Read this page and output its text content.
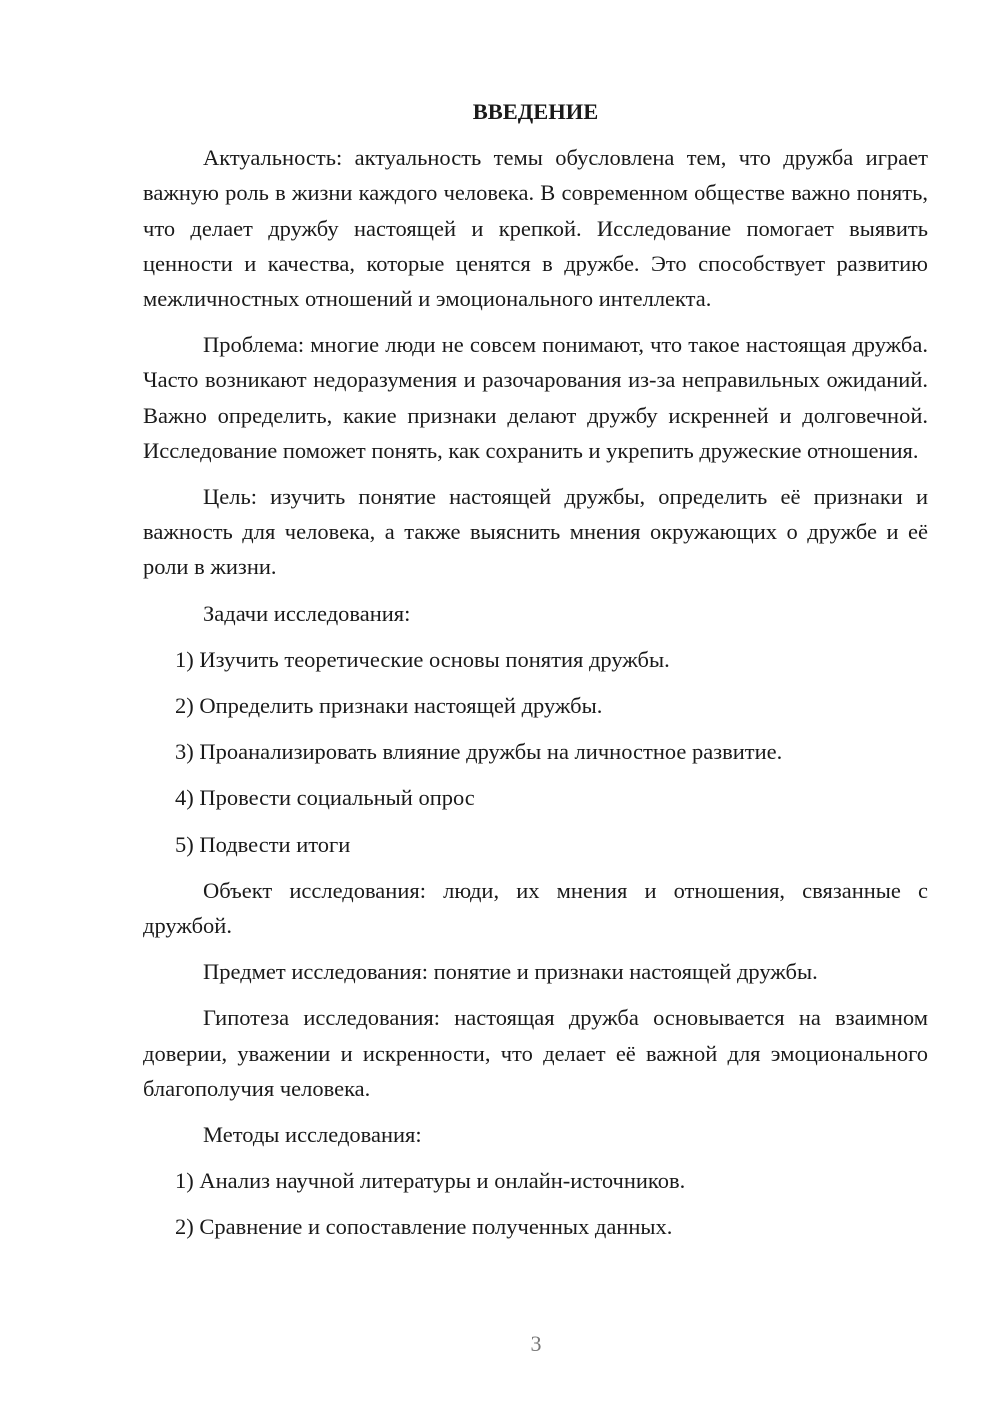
ВВЕДЕНИЕ

Актуальность: актуальность темы обусловлена тем, что дружба играет важную роль в жизни каждого человека. В современном обществе важно понять, что делает дружбу настоящей и крепкой. Исследование помогает выявить ценности и качества, которые ценятся в дружбе. Это способствует развитию межличностных отношений и эмоционального интеллекта.

Проблема: многие люди не совсем понимают, что такое настоящая дружба. Часто возникают недоразумения и разочарования из-за неправильных ожиданий. Важно определить, какие признаки делают дружбу искренней и долговечной. Исследование поможет понять, как сохранить и укрепить дружеские отношения.

Цель: изучить понятие настоящей дружбы, определить её признаки и важность для человека, а также выяснить мнения окружающих о дружбе и её роли в жизни.

Задачи исследования:

1) Изучить теоретические основы понятия дружбы.

2) Определить признаки настоящей дружбы.

3) Проанализировать влияние дружбы на личностное развитие.

4) Провести социальный опрос

5) Подвести итоги

Объект исследования: люди, их мнения и отношения, связанные с дружбой.

Предмет исследования: понятие и признаки настоящей дружбы.

Гипотеза исследования: настоящая дружба основывается на взаимном доверии, уважении и искренности, что делает её важной для эмоционального благополучия человека.

Методы исследования:

1) Анализ научной литературы и онлайн-источников.

2) Сравнение и сопоставление полученных данных.

3
